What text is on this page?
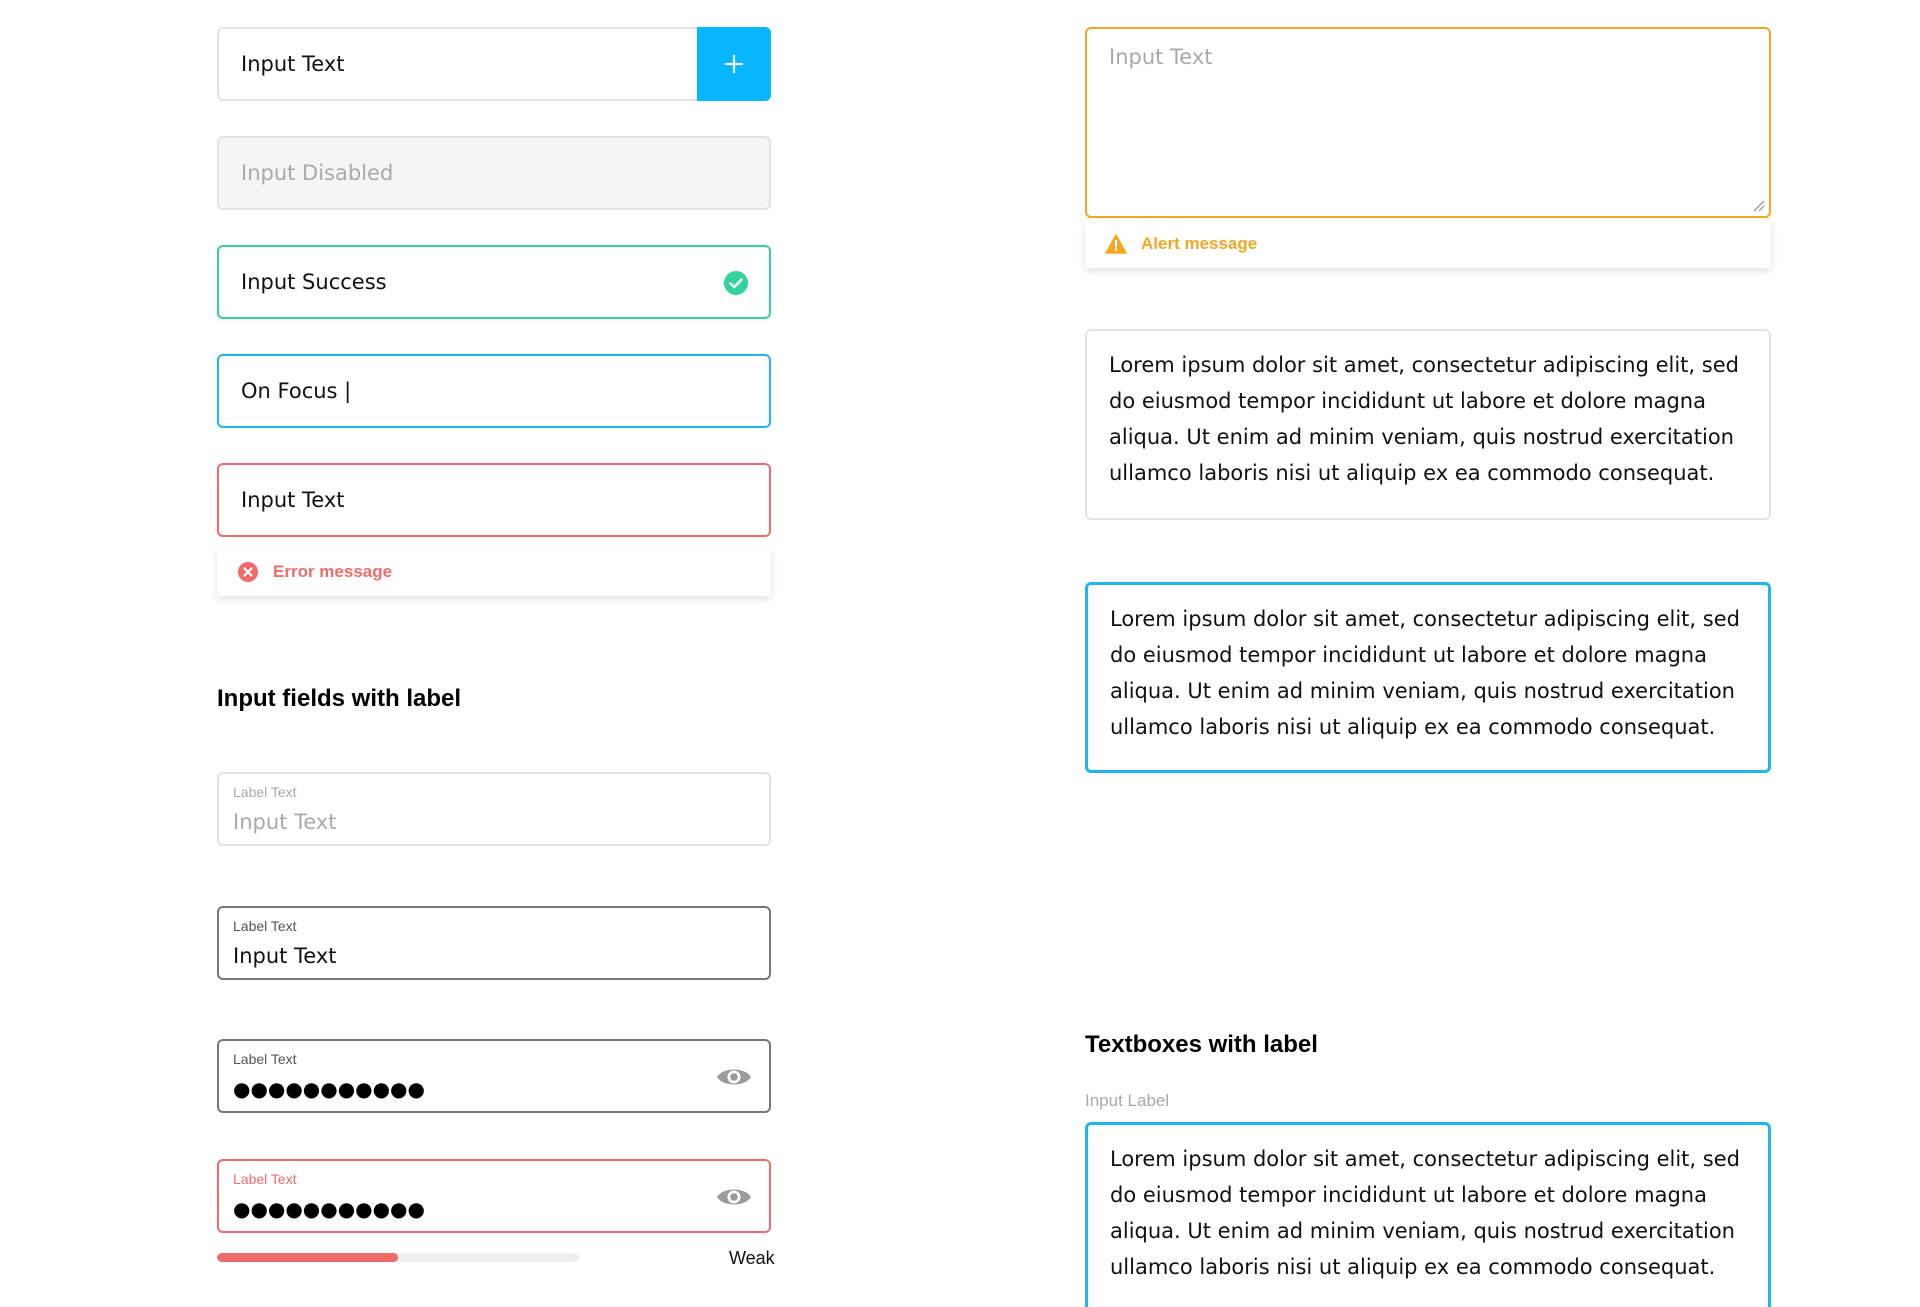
Input Text
Input Disabled
Input Success
On Focus |
Input Text
Error message
Input fields with label
Label Text
Input Text
Label Text
Input Text
Label Text
●●●●●●●●●●●
Label Text
●●●●●●●●●●●
Weak
Input Text
Alert message

Lorem ipsum dolor sit amet, consectetur adipiscing elit, sed do eiusmod tempor incididunt ut labore et dolore magna aliqua. Ut enim ad minim veniam, quis nostrud exercitation ullamco laboris nisi ut aliquip ex ea commodo consequat.

Lorem ipsum dolor sit amet, consectetur adipiscing elit, sed do eiusmod tempor incididunt ut labore et dolore magna aliqua. Ut enim ad minim veniam, quis nostrud exercitation ullamco laboris nisi ut aliquip ex ea commodo consequat.

Textboxes with label
Input Label

Lorem ipsum dolor sit amet, consectetur adipiscing elit, sed do eiusmod tempor incididunt ut labore et dolore magna aliqua. Ut enim ad minim veniam, quis nostrud exercitation ullamco laboris nisi ut aliquip ex ea commodo consequat.
